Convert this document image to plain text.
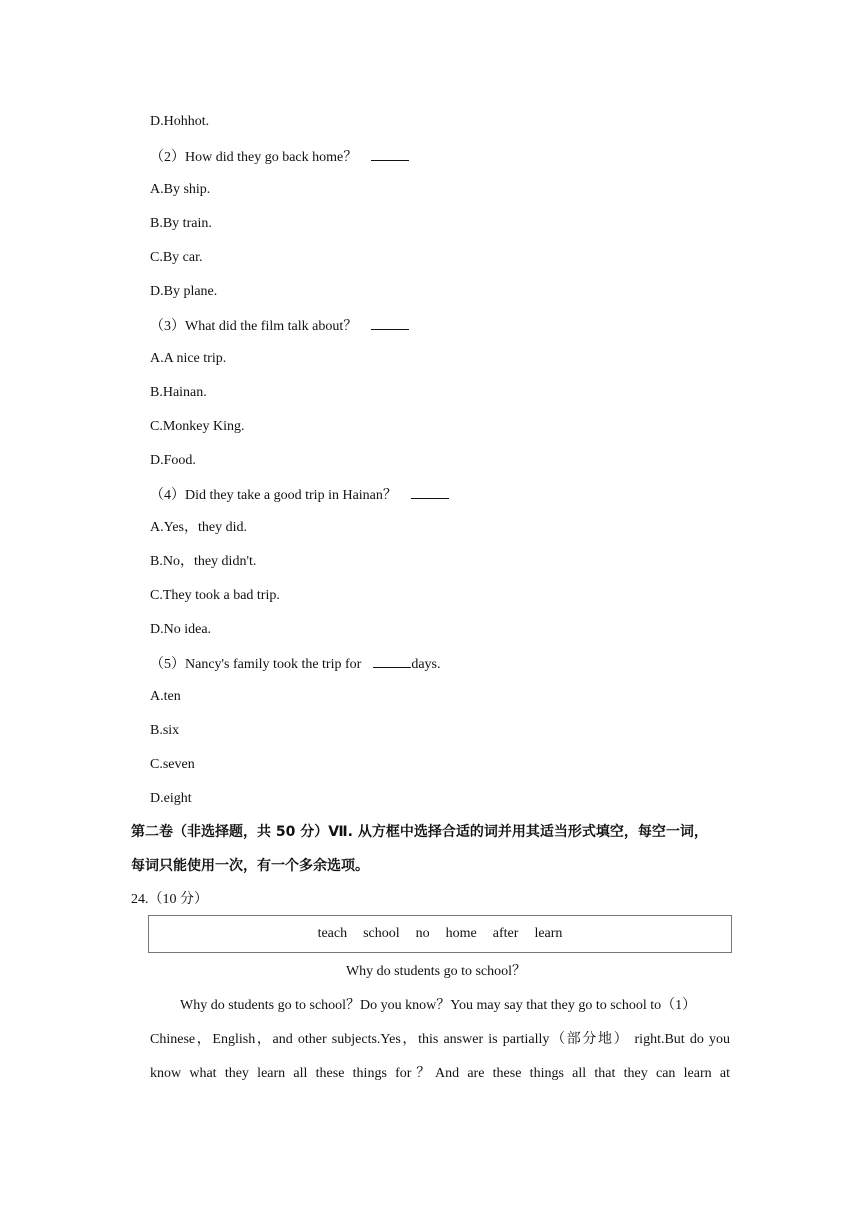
D.Hohhot.
（2）How did they go back home？
A.By ship.
B.By train.
C.By car.
D.By plane.
（3）What did the film talk about？
A.A nice trip.
B.Hainan.
C.Monkey King.
D.Food.
（4）Did they take a good trip in Hainan？
A.Yes，they did.
B.No，they didn't.
C.They took a bad trip.
D.No idea.
（5）Nancy's family took the trip for	days.
A.ten
B.six
C.seven
D.eight
第二卷（非选择题，共 50 分）Ⅶ. 从方框中选择合适的词并用其适当形式填空，每空一词，
每词只能使用一次，有一个多余选项。
24.（10 分）
teach school no home after learn
Why do students go to school？
Why do students go to school？Do you know？You may say that they go to school to（1）
Chinese，English，and other subjects.Yes，this answer is partially（部分地） right.But do you
know what they learn all these things for？And are these things all that they can learn at
